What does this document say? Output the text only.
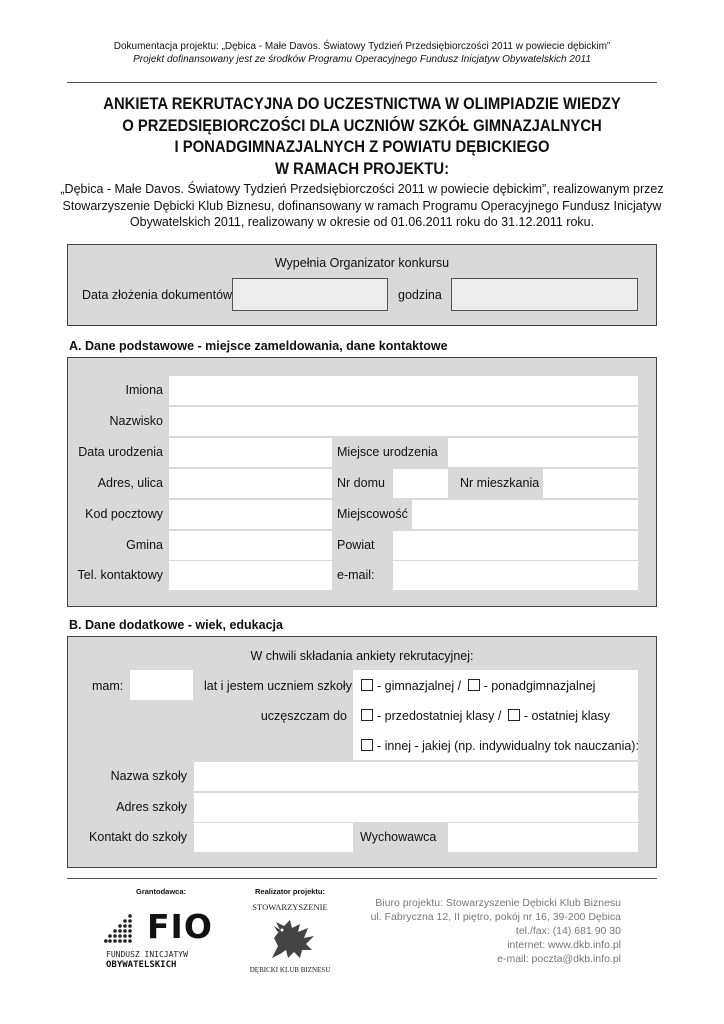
Dokumentacja projektu: „Dębica - Małe Davos. Światowy Tydzień Przedsiębiorczości 2011 w powiecie dębickim”
Projekt dofinansowany jest ze środków Programu Operacyjnego Fundusz Inicjatyw Obywatelskich 2011
ANKIETA REKRUTACYJNA DO UCZESTNICTWA W OLIMPIADZIE WIEDZY
O PRZEDSIĘBIORCZOŚCI DLA UCZNIÓW SZKÓŁ GIMNAZJALNYCH
I PONADGIMNAZJALNYCH Z POWIATU DĘBICKIEGO
W RAMACH PROJEKTU:
„Dębica - Małe Davos. Światowy Tydzień Przedsiębiorczości 2011 w powiecie dębickim”, realizowanym przez
Stowarzyszenie Dębicki Klub Biznesu, dofinansowany w ramach Programu Operacyjnego Fundusz Inicjatyw
Obywatelskich 2011, realizowany w okresie od 01.06.2011 roku do 31.12.2011 roku.
Wypełnia Organizator konkursu
Data złożenia dokumentów	godzina
A. Dane podstawowe - miejsce zameldowania, dane kontaktowe
Imiona
Nazwisko
Data urodzenia	Miejsce urodzenia
Adres, ulica	Nr domu	Nr mieszkania
Kod pocztowy	Miejscowość
Gmina	Powiat
Tel. kontaktowy	e-mail:
B. Dane dodatkowe - wiek, edukacja
W chwili składania ankiety rekrutacyjnej:
mam:	lat i jestem uczniem szkoły	- gimnazjalnej / - ponadgimnazjalnej
uczęszczam do	- przedostatniej klasy / - ostatniej klasy
- innej - jakiej (np. indywidualny tok nauczania):
Nazwa szkoły
Adres szkoły
Kontakt do szkoły	Wychowawca
Grantodawca:	Realizator projektu:
FIO
FUNDUSZ INICJATYW
OBYWATELSKICH
STOWARZYSZENIE
DĘBICKI KLUB BIZNESU
Biuro projektu: Stowarzyszenie Dębicki Klub Biznesu
ul. Fabryczna 12, II piętro, pokój nr 16, 39-200 Dębica
tel./fax: (14) 681 90 30
internet: www.dkb.info.pl
e-mail: poczta@dkb.info.pl
